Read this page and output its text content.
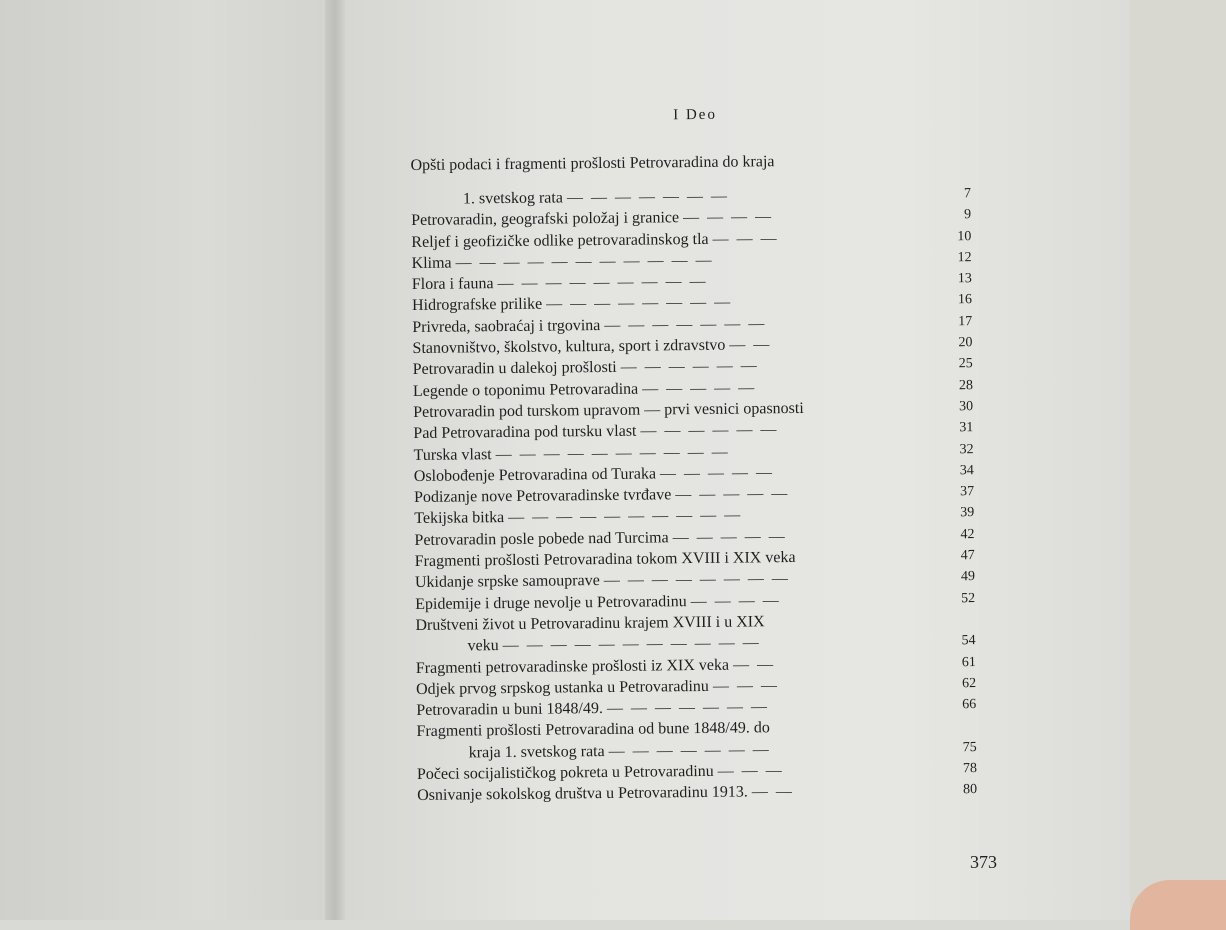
I Deo
Opšti podaci i fragmenti prošlosti Petrovaradina do kraja
1. svetskog rata — — — — — — —	7
Petrovaradin, geografski položaj i granice — — — —	9
Reljef i geofizičke odlike petrovaradinskog tla — — —	10
Klima — — — — — — — — — — —	12
Flora i fauna — — — — — — — — —	13
Hidrografske prilike — — — — — — — —	16
Privreda, saobraćaj i trgovina — — — — — — —	17
Stanovništvo, školstvo, kultura, sport i zdravstvo — —	20
Petrovaradin u dalekoj prošlosti — — — — — —	25
Legende o toponimu Petrovaradina — — — — —	28
Petrovaradin pod turskom upravom — prvi vesnici opasnosti	30
Pad Petrovaradina pod tursku vlast — — — — — —	31
Turska vlast — — — — — — — — — —	32
Oslobođenje Petrovaradina od Turaka — — — — —	34
Podizanje nove Petrovaradinske tvrđave — — — — —	37
Tekijska bitka — — — — — — — — — —	39
Petrovaradin posle pobede nad Turcima — — — — —	42
Fragmenti prošlosti Petrovaradina tokom XVIII i XIX veka	47
Ukidanje srpske samouprave — — — — — — — —	49
Epidemije i druge nevolje u Petrovaradinu — — — —	52
Društveni život u Petrovaradinu krajem XVIII i u XIX
veku — — — — — — — — — — —	54
Fragmenti petrovaradinske prošlosti iz XIX veka — —	61
Odjek prvog srpskog ustanka u Petrovaradinu — — —	62
Petrovaradin u buni 1848/49. — — — — — — —	66
Fragmenti prošlosti Petrovaradina od bune 1848/49. do
kraja 1. svetskog rata — — — — — — —	75
Počeci socijalističkog pokreta u Petrovaradinu — — —	78
Osnivanje sokolskog društva u Petrovaradinu 1913. — —	80
373
